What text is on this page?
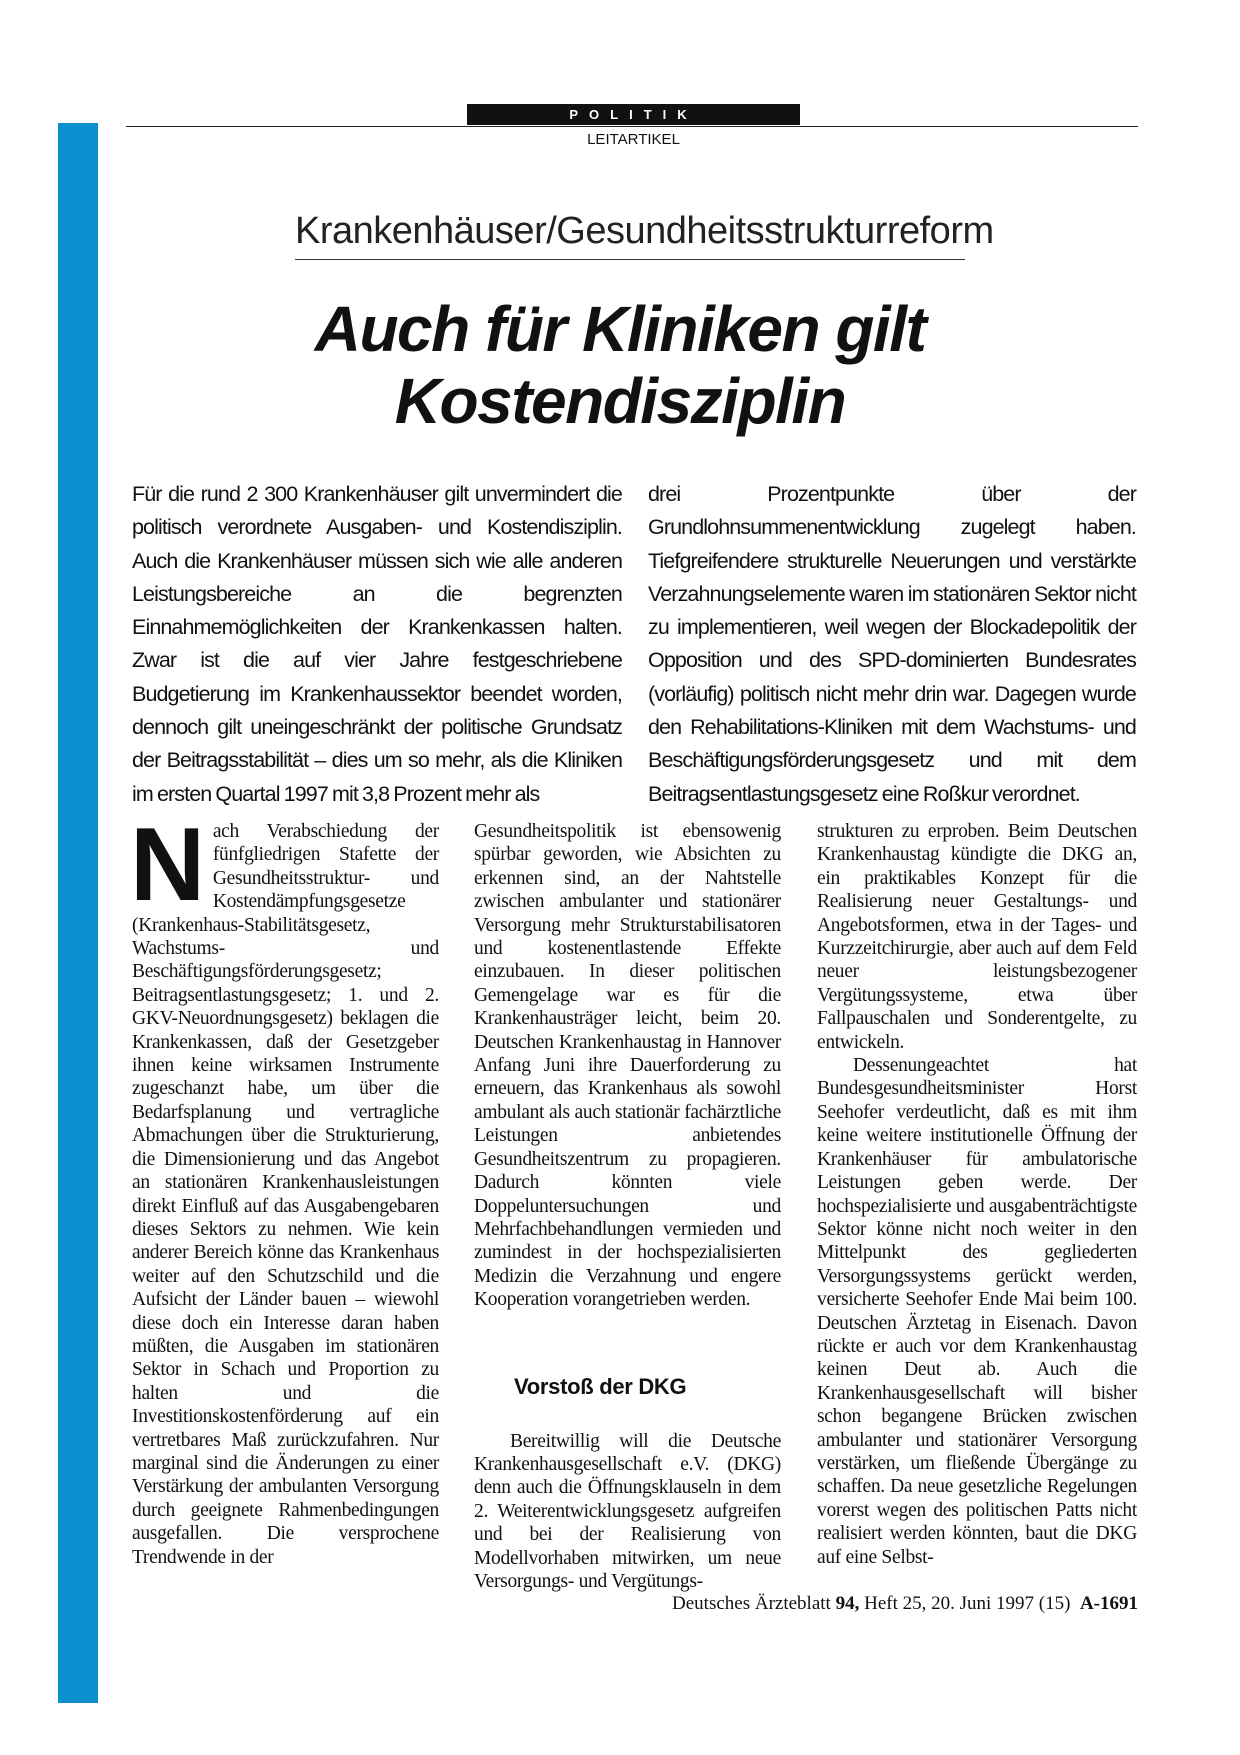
POLITIK
LEITARTIKEL
Krankenhäuser/Gesundheitsstrukturreform
Auch für Kliniken gilt Kostendisziplin

Für die rund 2 300 Krankenhäuser gilt unvermindert die politisch verordnete Ausgaben- und Kostendisziplin. Auch die Krankenhäuser müssen sich wie alle anderen Leistungsbereiche an die begrenzten Einnahmemöglichkeiten der Krankenkassen halten. Zwar ist die auf vier Jahre festgeschriebene Budgetierung im Krankenhaussektor beendet worden, dennoch gilt uneingeschränkt der politische Grundsatz der Beitragsstabilität – dies um so mehr, als die Kliniken im ersten Quartal 1997 mit 3,8 Prozent mehr als

drei Prozentpunkte über der Grundlohnsummenentwicklung zugelegt haben. Tiefgreifendere strukturelle Neuerungen und verstärkte Verzahnungselemente waren im stationären Sektor nicht zu implementieren, weil wegen der Blockadepolitik der Opposition und des SPD-dominierten Bundesrates (vorläufig) politisch nicht mehr drin war. Dagegen wurde den Rehabilitations-Kliniken mit dem Wachstums- und Beschäftigungsförderungsgesetz und mit dem Beitragsentlastungsgesetz eine Roßkur verordnet.

N ach Verabschiedung der fünfgliedrigen Stafette der Gesundheitsstruktur- und Kostendämpfungsgesetze (Krankenhaus-Stabilitätsgesetz, Wachstums- und Beschäftigungsförderungsgesetz; Beitragsentlastungsgesetz; 1. und 2. GKV-Neuordnungsgesetz) beklagen die Krankenkassen, daß der Gesetzgeber ihnen keine wirksamen Instrumente zugeschanzt habe, um über die Bedarfsplanung und vertragliche Abmachungen über die Strukturierung, die Dimensionierung und das Angebot an stationären Krankenhausleistungen direkt Einfluß auf das Ausgabengebaren dieses Sektors zu nehmen. Wie kein anderer Bereich könne das Krankenhaus weiter auf den Schutzschild und die Aufsicht der Länder bauen – wiewohl diese doch ein Interesse daran haben müßten, die Ausgaben im stationären Sektor in Schach und Proportion zu halten und die Investitionskostenförderung auf ein vertretbares Maß zurückzufahren. Nur marginal sind die Änderungen zu einer Verstärkung der ambulanten Versorgung durch geeignete Rahmenbedingungen ausgefallen. Die versprochene Trendwende in der

Gesundheitspolitik ist ebensowenig spürbar geworden, wie Absichten zu erkennen sind, an der Nahtstelle zwischen ambulanter und stationärer Versorgung mehr Strukturstabilisatoren und kostenentlastende Effekte einzubauen. In dieser politischen Gemengelage war es für die Krankenhausträger leicht, beim 20. Deutschen Krankenhaustag in Hannover Anfang Juni ihre Dauerforderung zu erneuern, das Krankenhaus als sowohl ambulant als auch stationär fachärztliche Leistungen anbietendes Gesundheitszentrum zu propagieren. Dadurch könnten viele Doppeluntersuchungen und Mehrfachbehandlungen vermieden und zumindest in der hochspezialisierten Medizin die Verzahnung und engere Kooperation vorangetrieben werden.

Vorstoß der DKG

Bereitwillig will die Deutsche Krankenhausgesellschaft e.V. (DKG) denn auch die Öffnungsklauseln in dem 2. Weiterentwicklungsgesetz aufgreifen und bei der Realisierung von Modellvorhaben mitwirken, um neue Versorgungs- und Vergütungs-

strukturen zu erproben. Beim Deutschen Krankenhaustag kündigte die DKG an, ein praktikables Konzept für die Realisierung neuer Gestaltungs- und Angebotsformen, etwa in der Tages- und Kurzzeitchirurgie, aber auch auf dem Feld neuer leistungsbezogener Vergütungssysteme, etwa über Fallpauschalen und Sonderentgelte, zu entwickeln.

Dessenungeachtet hat Bundesgesundheitsminister Horst Seehofer verdeutlicht, daß es mit ihm keine weitere institutionelle Öffnung der Krankenhäuser für ambulatorische Leistungen geben werde. Der hochspezialisierte und ausgabenträchtigste Sektor könne nicht noch weiter in den Mittelpunkt des gegliederten Versorgungssystems gerückt werden, versicherte Seehofer Ende Mai beim 100. Deutschen Ärztetag in Eisenach. Davon rückte er auch vor dem Krankenhaustag keinen Deut ab. Auch die Krankenhausgesellschaft will bisher schon begangene Brücken zwischen ambulanter und stationärer Versorgung verstärken, um fließende Übergänge zu schaffen. Da neue gesetzliche Regelungen vorerst wegen des politischen Patts nicht realisiert werden könnten, baut die DKG auf eine Selbst-

Deutsches Ärzteblatt 94, Heft 25, 20. Juni 1997 (15) A-1691
